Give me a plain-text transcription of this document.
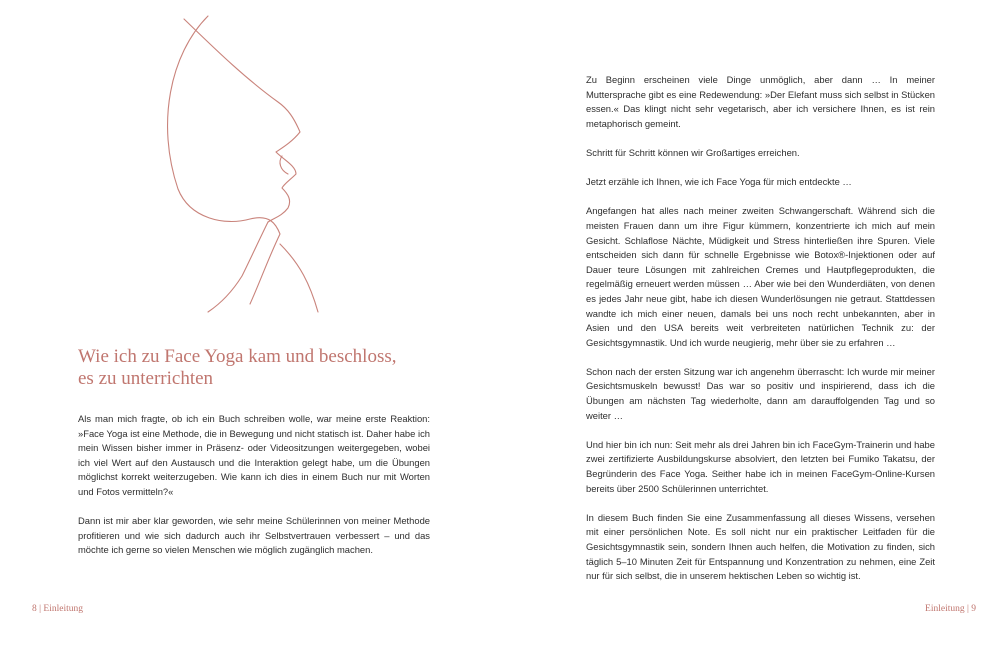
Wie ich zu Face Yoga kam und beschloss,
es zu unterrichten

Als man mich fragte, ob ich ein Buch schreiben wolle, war meine erste Reaktion: »Face Yoga ist eine Methode, die in Bewegung und nicht statisch ist. Daher habe ich mein Wissen bisher immer in Präsenz- oder Videositzungen weitergegeben, wobei ich viel Wert auf den Austausch und die Interaktion gelegt habe, um die Übungen möglichst korrekt weiterzugeben. Wie kann ich dies in einem Buch nur mit Worten und Fotos vermitteln?«

Dann ist mir aber klar geworden, wie sehr meine Schülerinnen von meiner Methode profitieren und wie sich dadurch auch ihr Selbstvertrauen verbessert – und das möchte ich gerne so vielen Menschen wie möglich zugänglich machen.

8 | Einleitung

Zu Beginn erscheinen viele Dinge unmöglich, aber dann … In meiner Muttersprache gibt es eine Redewendung: »Der Elefant muss sich selbst in Stücken essen.« Das klingt nicht sehr vegetarisch, aber ich versichere Ihnen, es ist rein metaphorisch gemeint.

Schritt für Schritt können wir Großartiges erreichen.

Jetzt erzähle ich Ihnen, wie ich Face Yoga für mich entdeckte …

Angefangen hat alles nach meiner zweiten Schwangerschaft. Während sich die meisten Frauen dann um ihre Figur kümmern, konzentrierte ich mich auf mein Gesicht. Schlaflose Nächte, Müdigkeit und Stress hinterließen ihre Spuren. Viele entscheiden sich dann für schnelle Ergebnisse wie Botox®-Injektionen oder auf Dauer teure Lösungen mit zahlreichen Cremes und Hautpflegeprodukten, die regelmäßig erneuert werden müssen … Aber wie bei den Wunderdiäten, von denen es jedes Jahr neue gibt, habe ich diesen Wunderlösungen nie getraut. Stattdessen wandte ich mich einer neuen, damals bei uns noch recht unbekannten, aber in Asien und den USA bereits weit verbreiteten natürlichen Technik zu: der Gesichtsgymnastik. Und ich wurde neugierig, mehr über sie zu erfahren …

Schon nach der ersten Sitzung war ich angenehm überrascht: Ich wurde mir meiner Gesichtsmuskeln bewusst! Das war so positiv und inspirierend, dass ich die Übungen am nächsten Tag wiederholte, dann am darauffolgenden Tag und so weiter …

Und hier bin ich nun: Seit mehr als drei Jahren bin ich FaceGym-Trainerin und habe zwei zertifizierte Ausbildungskurse absolviert, den letzten bei Fumiko Takatsu, der Begründerin des Face Yoga. Seither habe ich in meinen FaceGym-Online-Kursen bereits über 2500 Schülerinnen unterrichtet.

In diesem Buch finden Sie eine Zusammenfassung all dieses Wissens, versehen mit einer persönlichen Note. Es soll nicht nur ein praktischer Leitfaden für die Gesichtsgymnastik sein, sondern Ihnen auch helfen, die Motivation zu finden, sich täglich 5–10 Minuten Zeit für Entspannung und Konzentration zu nehmen, eine Zeit nur für sich selbst, die in unserem hektischen Leben so wichtig ist.

Einleitung | 9
